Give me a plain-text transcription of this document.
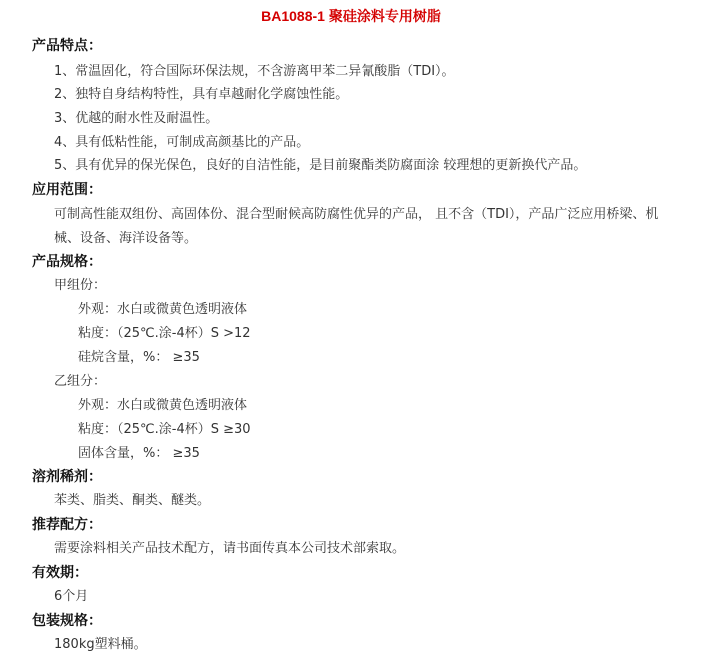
BA1088-1 聚硅涂料专用树脂
产品特点：
1、常温固化，符合国际环保法规，不含游离甲苯二异氰酸脂（TDI）。
2、独特自身结构特性，具有卓越耐化学腐蚀性能。
3、优越的耐水性及耐温性。
4、具有低粘性能，可制成高颜基比的产品。
5、具有优异的保光保色，良好的自洁性能，是目前聚酯类防腐面涂 较理想的更新换代产品。
应用范围：
可制高性能双组份、高固体份、混合型耐候高防腐性优异的产品， 且不含（TDI），产品广泛应用桥梁、机械、设备、海洋设备等。
产品规格：
甲组份：
外观：水白或微黄色透明液体
粘度：（25℃.涂-4杯）S >12
硅烷含量，%： ≥35
乙组分：
外观：水白或微黄色透明液体
粘度：（25℃.涂-4杯）S ≥30
固体含量，%： ≥35
溶剂稀剂：
苯类、脂类、酮类、醚类。
推荐配方：
需要涂料相关产品技术配方，请书面传真本公司技术部索取。
有效期：
6个月
包装规格：
180kg塑料桶。
